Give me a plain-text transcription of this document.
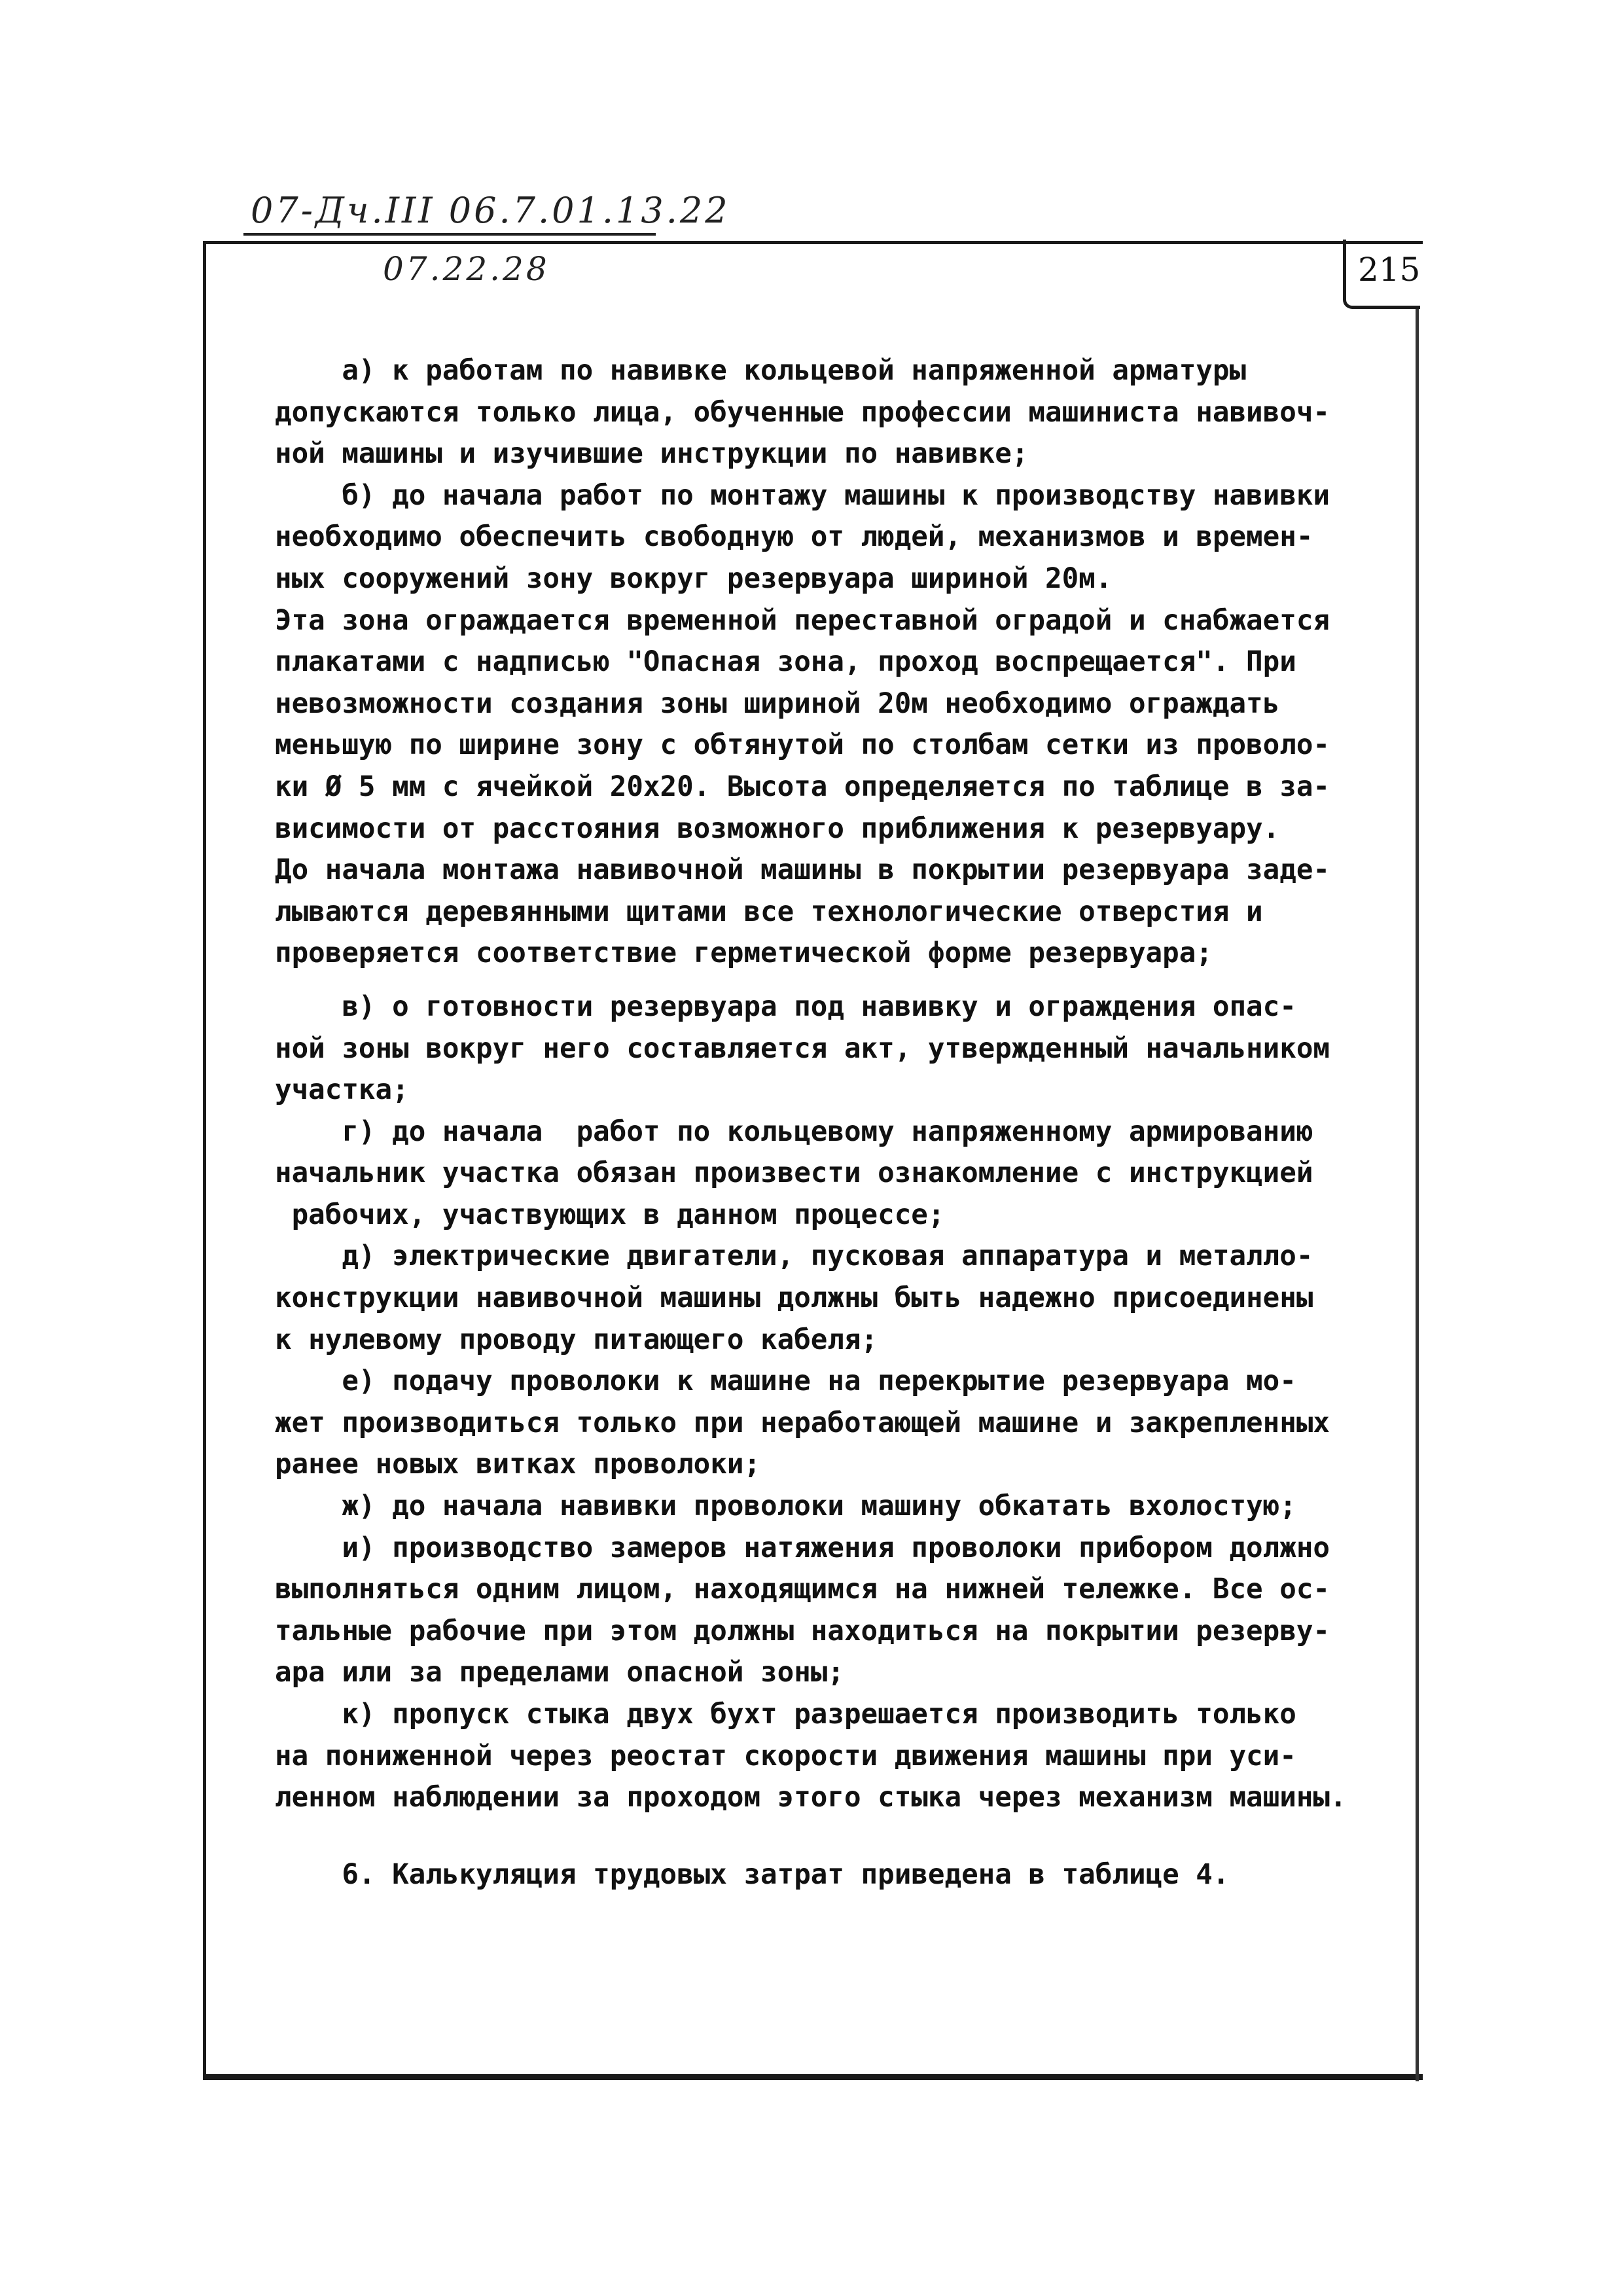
07-Дч.III 06.7.01.13.22
07.22.28	215
а) к работам по навивке кольцевой напряженной арматуры
допускаются только лица, обученные профессии машиниста навивоч-
ной машины и изучившие инструкции по навивке;
б) до начала работ по монтажу машины к производству навивки
необходимо обеспечить свободную от людей, механизмов и времен-
ных сооружений зону вокруг резервуара шириной 20м.
Эта зона ограждается временной переставной оградой и снабжается
плакатами с надписью "Опасная зона, проход воспрещается". При
невозможности создания зоны шириной 20м необходимо ограждать
меньшую по ширине зону с обтянутой по столбам сетки из проволо-
ки Ø 5 мм с ячейкой 20х20. Высота определяется по таблице в за-
висимости от расстояния возможного приближения к резервуару.
До начала монтажа навивочной машины в покрытии резервуара заде-
лываются деревянными щитами все технологические отверстия и
проверяется соответствие герметической форме резервуара;
в) о готовности резервуара под навивку и ограждения опас-
ной зоны вокруг него составляется акт, утвержденный начальником
участка;
г) до начала  работ по кольцевому напряженному армированию
начальник участка обязан произвести ознакомление с инструкцией
рабочих, участвующих в данном процессе;
д) электрические двигатели, пусковая аппаратура и металло-
конструкции навивочной машины должны быть надежно присоединены
к нулевому проводу питающего кабеля;
е) подачу проволоки к машине на перекрытие резервуара мо-
жет производиться только при неработающей машине и закрепленных
ранее новых витках проволоки;
ж) до начала навивки проволоки машину обкатать вхолостую;
и) производство замеров натяжения проволоки прибором должно
выполняться одним лицом, находящимся на нижней тележке. Все ос-
тальные рабочие при этом должны находиться на покрытии резерву-
ара или за пределами опасной зоны;
к) пропуск стыка двух бухт разрешается производить только
на пониженной через реостат скорости движения машины при уси-
ленном наблюдении за проходом этого стыка через механизм машины.
6. Калькуляция трудовых затрат приведена в таблице 4.
